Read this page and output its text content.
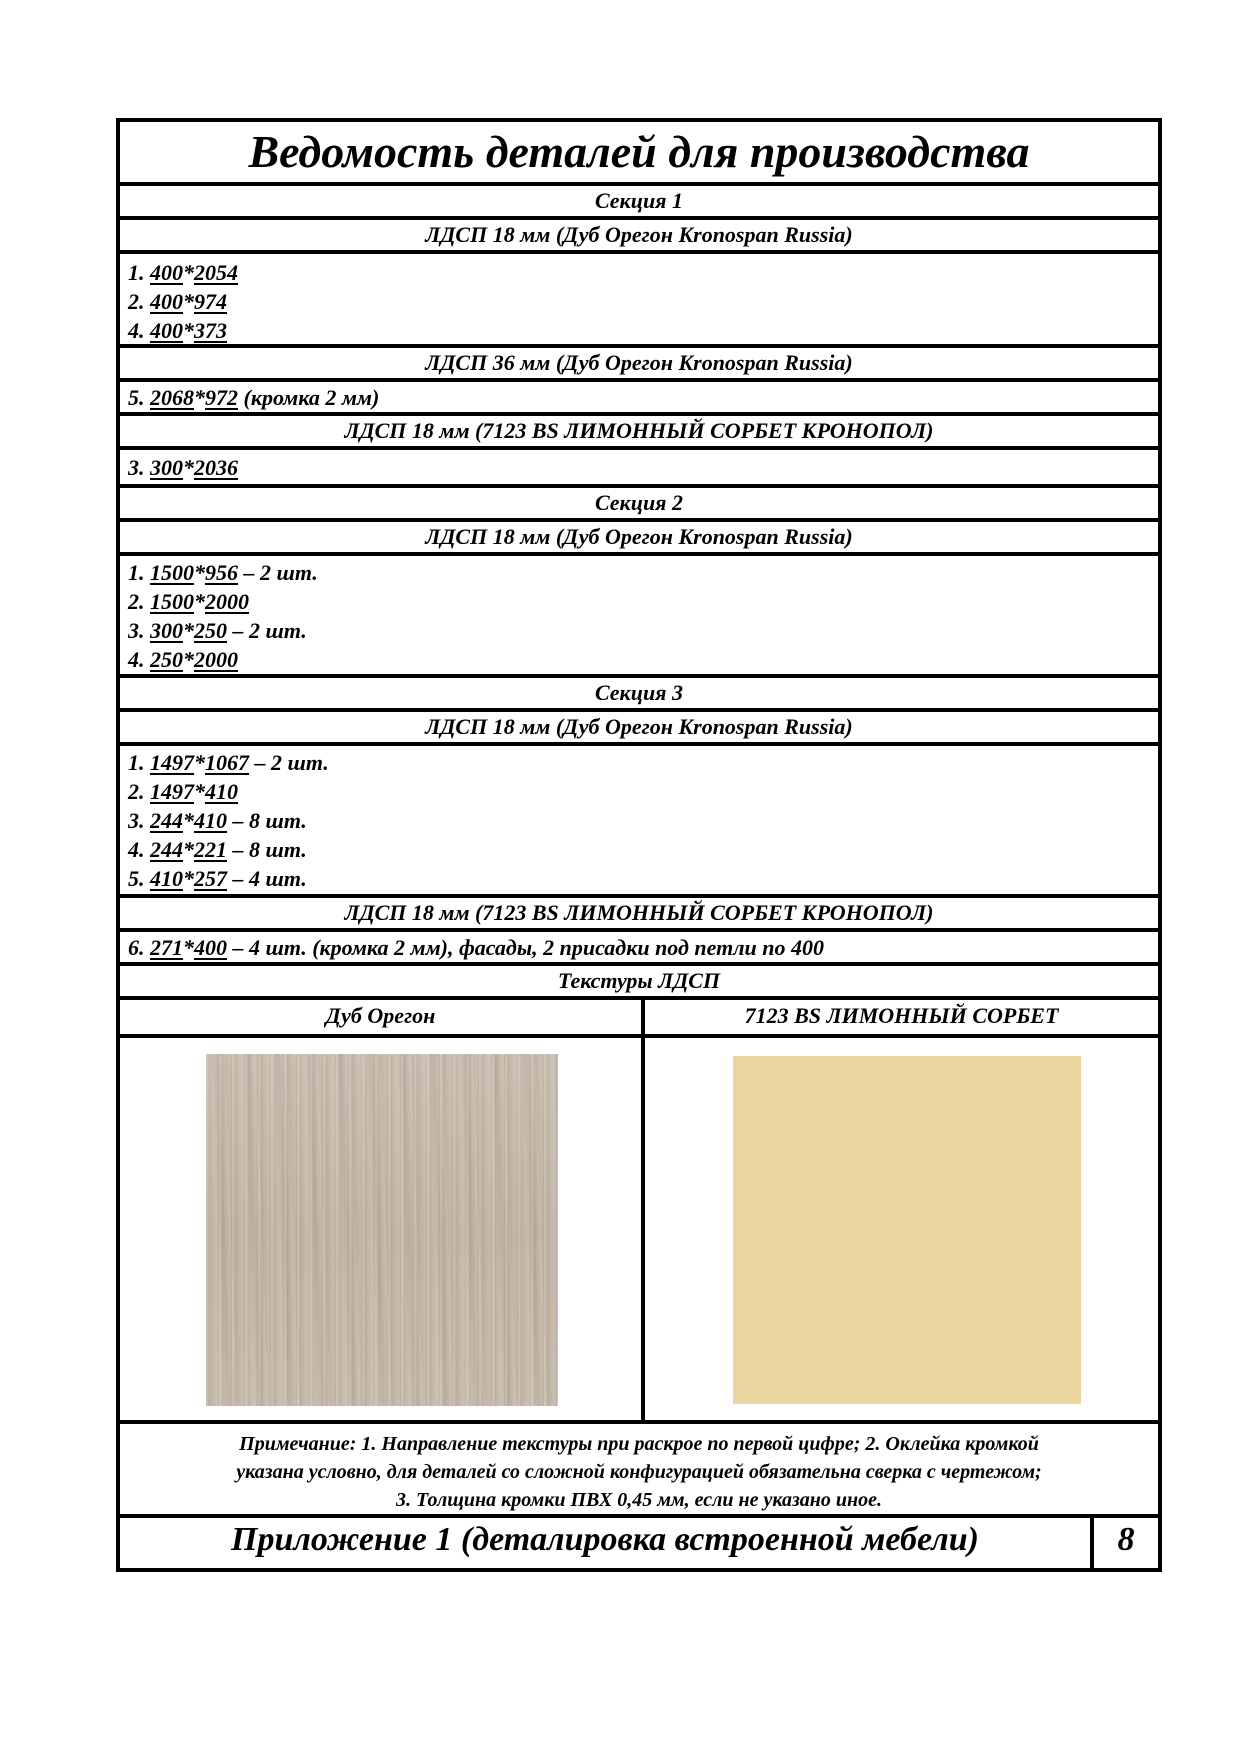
Ведомость деталей для производства
Секция 1
ЛДСП 18 мм (Дуб Орегон Kronospan Russia)
1. 400*2054
2. 400*974
4. 400*373
ЛДСП 36 мм (Дуб Орегон Kronospan Russia)
5. 2068*972 (кромка 2 мм)
ЛДСП 18 мм (7123 BS ЛИМОННЫЙ СОРБЕТ КРОНОПОЛ)
3. 300*2036
Секция 2
ЛДСП 18 мм (Дуб Орегон Kronospan Russia)
1. 1500*956 – 2 шт.
2. 1500*2000
3. 300*250 – 2 шт.
4. 250*2000
Секция 3
ЛДСП 18 мм (Дуб Орегон Kronospan Russia)
1. 1497*1067 – 2 шт.
2. 1497*410
3. 244*410 – 8 шт.
4. 244*221 – 8 шт.
5. 410*257 – 4 шт.
ЛДСП 18 мм (7123 BS ЛИМОННЫЙ СОРБЕТ КРОНОПОЛ)
6. 271*400 – 4 шт. (кромка 2 мм), фасады, 2 присадки под петли по 400
Текстуры ЛДСП
Дуб Орегон	7123 BS ЛИМОННЫЙ СОРБЕТ
Примечание: 1. Направление текстуры при раскрое по первой цифре; 2. Оклейка кромкой
указана условно, для деталей со сложной конфигурацией обязательна сверка с чертежом;
3. Толщина кромки ПВХ 0,45 мм, если не указано иное.
Приложение 1 (деталировка встроенной мебели)	8
